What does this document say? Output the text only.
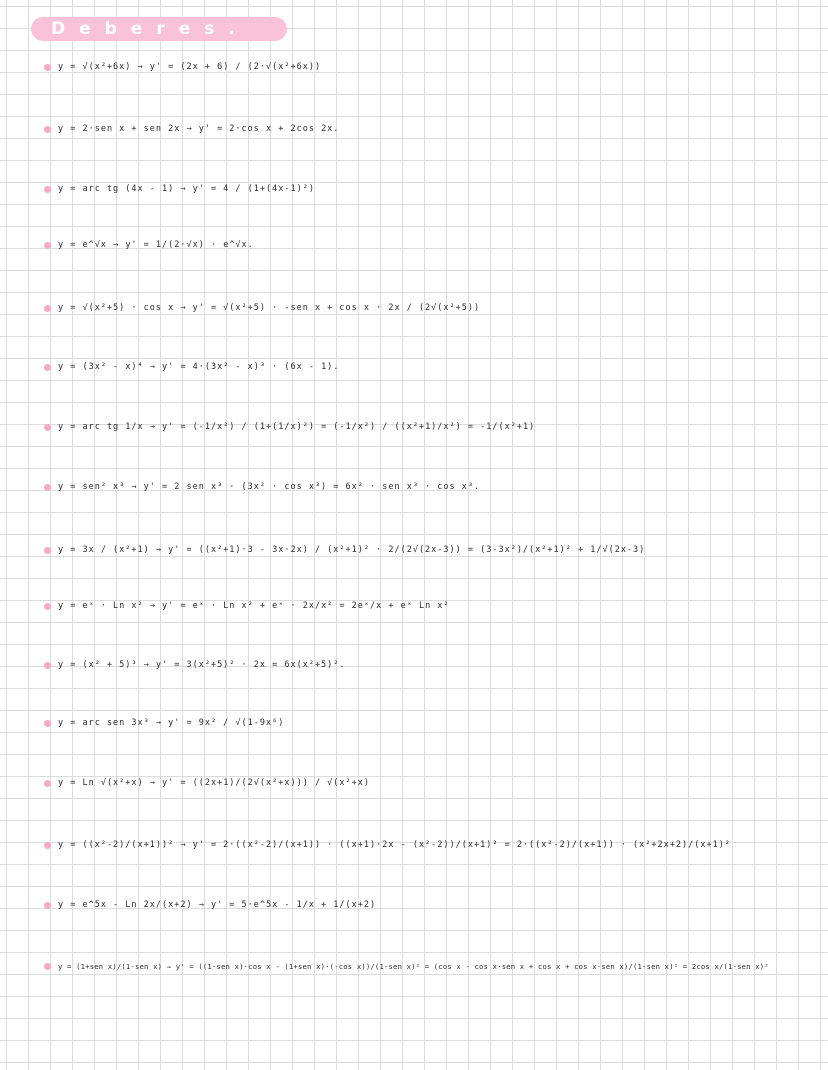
Deberes.
y = √(x²+6x) → y' = (2x + 6) / (2·√(x²+6x))
y = 2·sen x + sen 2x → y' = 2·cos x + 2cos 2x.
y = arc tg (4x - 1) → y' = 4 / (1+(4x-1)²)
y = e^√x → y' = 1/(2·√x) · e^√x.
y = √(x²+5) · cos x → y' = √(x²+5) · -sen x + cos x · 2x / (2√(x²+5))
y = (3x² - x)⁴ → y' = 4·(3x² - x)³ · (6x - 1).
y = arc tg 1/x → y' = (-1/x²) / (1+(1/x)²) = (-1/x²) / ((x²+1)/x²) = -1/(x²+1)
y = sen² x³ → y' = 2 sen x³ · (3x² · cos x³) = 6x² · sen x³ · cos x³.
y = 3x / (x²+1) → y' = ((x²+1)·3 - 3x·2x) / (x²+1)² · 2/(2√(2x-3)) = (3-3x²)/(x²+1)² + 1/√(2x-3)
y = eˣ · Ln x² → y' = eˣ · Ln x² + eˣ · 2x/x² = 2eˣ/x + eˣ Ln x²
y = (x² + 5)³ → y' = 3(x²+5)² · 2x = 6x(x²+5)².
y = arc sen 3x³ → y' = 9x² / √(1-9x⁶)
y = Ln √(x²+x) → y' = ((2x+1)/(2√(x²+x))) / √(x²+x)
y = ((x²-2)/(x+1))² → y' = 2·((x²-2)/(x+1)) · ((x+1)·2x - (x²-2))/(x+1)² = 2·((x²-2)/(x+1)) · (x²+2x+2)/(x+1)²
y = e^5x - Ln 2x/(x+2) → y' = 5·e^5x - 1/x + 1/(x+2)
y = (1+sen x)/(1-sen x) → y' = ((1-sen x)·cos x - (1+sen x)·(-cos x))/(1-sen x)² = (cos x - cos x·sen x + cos x + cos x·sen x)/(1-sen x)² = 2cos x/(1-sen x)²
